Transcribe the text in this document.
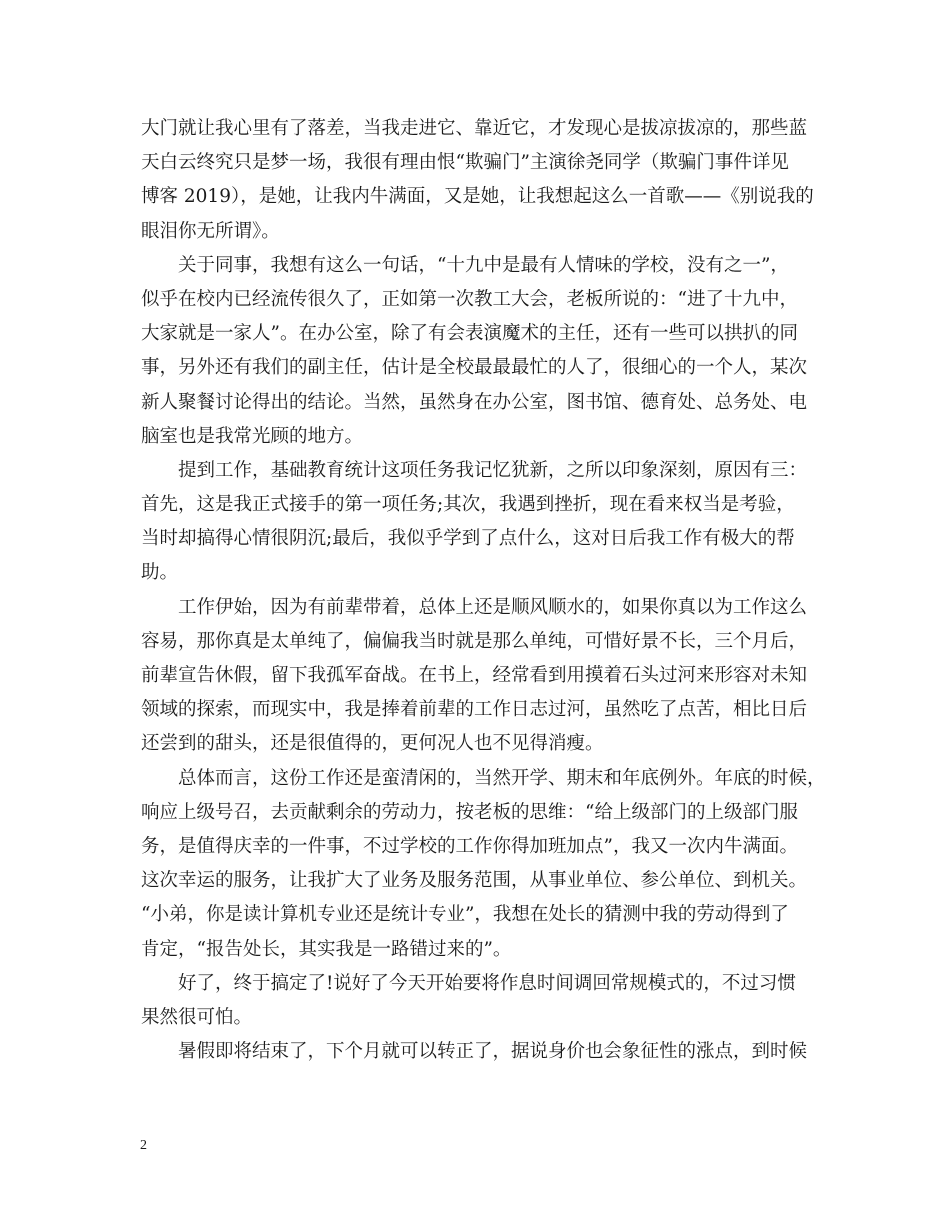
大门就让我心里有了落差，当我走进它、靠近它，才发现心是拔凉拔凉的，那些蓝
天白云终究只是梦一场，我很有理由恨“欺骗门”主演徐尧同学（欺骗门事件详见
博客 2019），是她，让我内牛满面，又是她，让我想起这么一首歌——《别说我的
眼泪你无所谓》。
关于同事，我想有这么一句话，“十九中是最有人情味的学校，没有之一”，
似乎在校内已经流传很久了，正如第一次教工大会，老板所说的：“进了十九中，
大家就是一家人”。在办公室，除了有会表演魔术的主任，还有一些可以拱扒的同
事，另外还有我们的副主任，估计是全校最最最忙的人了，很细心的一个人，某次
新人聚餐讨论得出的结论。当然，虽然身在办公室，图书馆、德育处、总务处、电
脑室也是我常光顾的地方。
提到工作，基础教育统计这项任务我记忆犹新，之所以印象深刻，原因有三：
首先，这是我正式接手的第一项任务;其次，我遇到挫折，现在看来权当是考验，
当时却搞得心情很阴沉;最后，我似乎学到了点什么，这对日后我工作有极大的帮
助。
工作伊始，因为有前辈带着，总体上还是顺风顺水的，如果你真以为工作这么
容易，那你真是太单纯了，偏偏我当时就是那么单纯，可惜好景不长，三个月后，
前辈宣告休假，留下我孤军奋战。在书上，经常看到用摸着石头过河来形容对未知
领域的探索，而现实中，我是捧着前辈的工作日志过河，虽然吃了点苦，相比日后
还尝到的甜头，还是很值得的，更何况人也不见得消瘦。
总体而言，这份工作还是蛮清闲的，当然开学、期末和年底例外。年底的时候，
响应上级号召，去贡献剩余的劳动力，按老板的思维：“给上级部门的上级部门服
务，是值得庆幸的一件事，不过学校的工作你得加班加点”，我又一次内牛满面。
这次幸运的服务，让我扩大了业务及服务范围，从事业单位、参公单位、到机关。
“小弟，你是读计算机专业还是统计专业”，我想在处长的猜测中我的劳动得到了
肯定，“报告处长，其实我是一路错过来的”。
好了，终于搞定了!说好了今天开始要将作息时间调回常规模式的，不过习惯
果然很可怕。
暑假即将结束了，下个月就可以转正了，据说身价也会象征性的涨点，到时候
2
